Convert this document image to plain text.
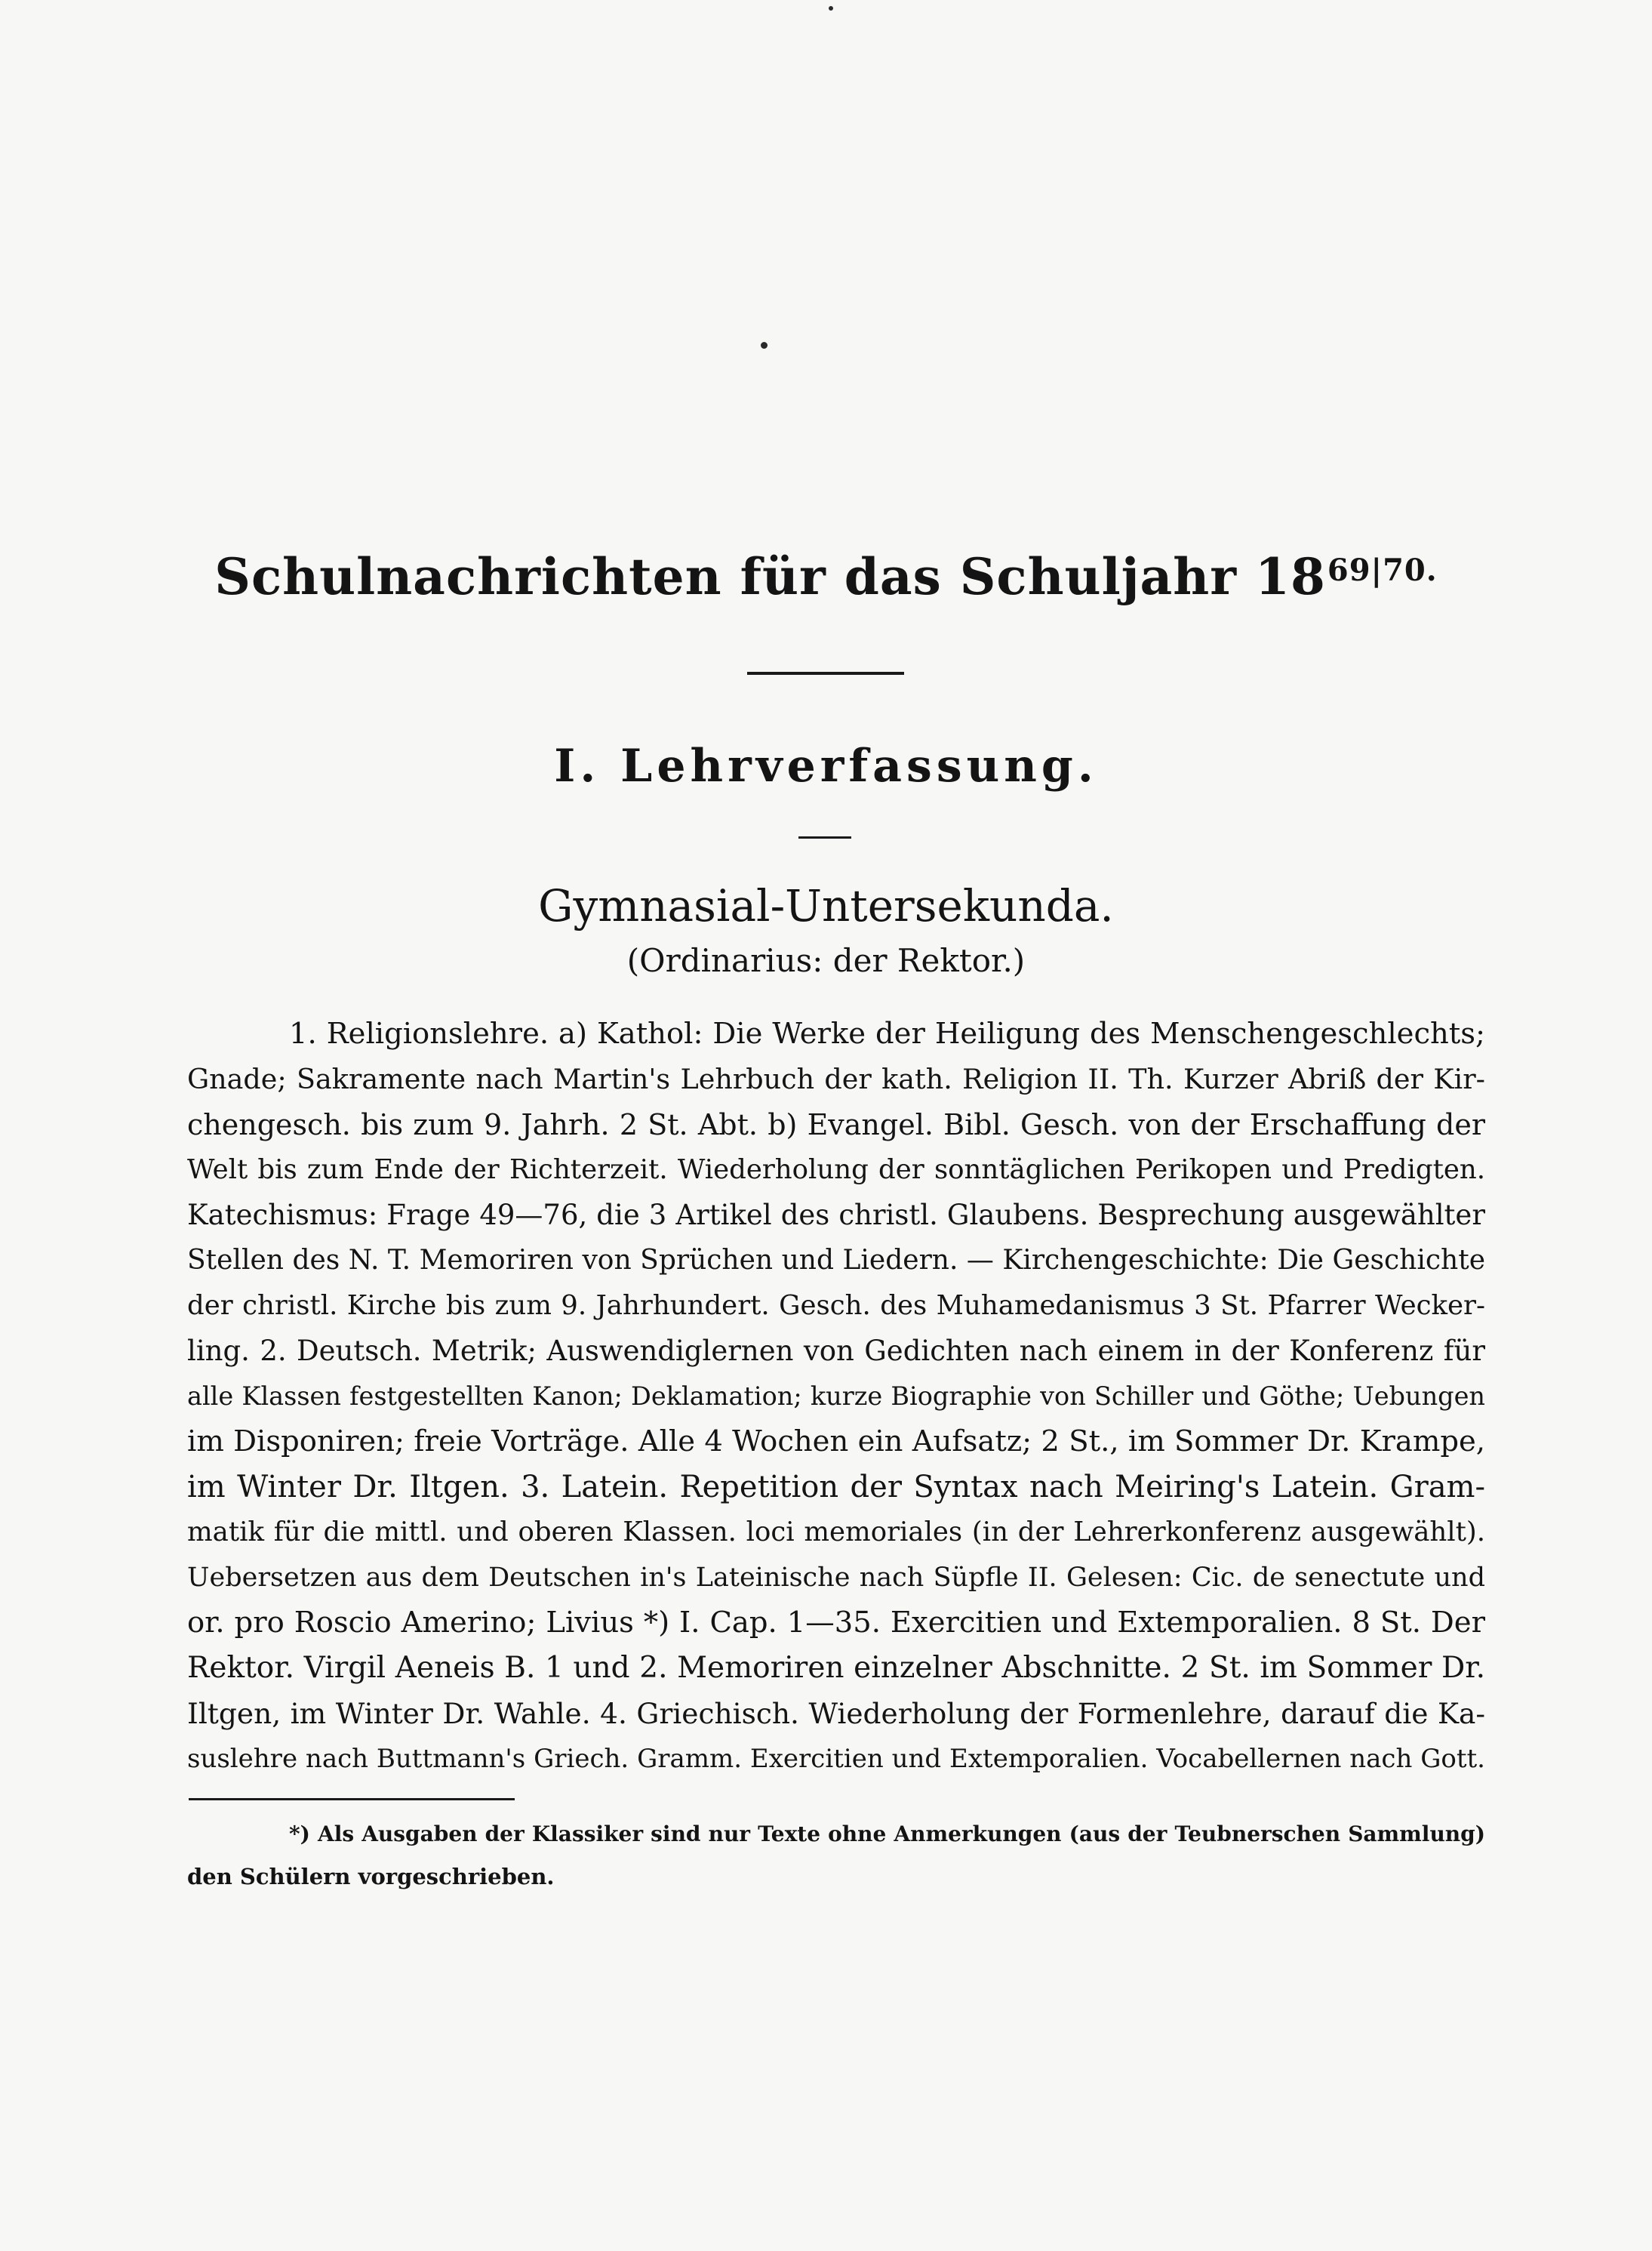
Schulnachrichten für das Schuljahr 1869|70.
I. Lehrverfassung.
Gymnasial-Untersekunda.
(Ordinarius: der Rektor.)
1. Religionslehre. a) Kathol: Die Werke der Heiligung des Menschengeschlechts;
Gnade; Sakramente nach Martin's Lehrbuch der kath. Religion II. Th. Kurzer Abriß der Kir-
chengesch. bis zum 9. Jahrh. 2 St. Abt. b) Evangel. Bibl. Gesch. von der Erschaffung der
Welt bis zum Ende der Richterzeit. Wiederholung der sonntäglichen Perikopen und Predigten.
Katechismus: Frage 49—76, die 3 Artikel des christl. Glaubens. Besprechung ausgewählter
Stellen des N. T. Memoriren von Sprüchen und Liedern. — Kirchengeschichte: Die Geschichte
der christl. Kirche bis zum 9. Jahrhundert. Gesch. des Muhamedanismus 3 St. Pfarrer Wecker-
ling. 2. Deutsch. Metrik; Auswendiglernen von Gedichten nach einem in der Konferenz für
alle Klassen festgestellten Kanon; Deklamation; kurze Biographie von Schiller und Göthe; Uebungen
im Disponiren; freie Vorträge. Alle 4 Wochen ein Aufsatz; 2 St., im Sommer Dr. Krampe,
im Winter Dr. Iltgen. 3. Latein. Repetition der Syntax nach Meiring's Latein. Gram-
matik für die mittl. und oberen Klassen. loci memoriales (in der Lehrerkonferenz ausgewählt).
Uebersetzen aus dem Deutschen in's Lateinische nach Süpfle II. Gelesen: Cic. de senectute und
or. pro Roscio Amerino; Livius *) I. Cap. 1—35. Exercitien und Extemporalien. 8 St. Der
Rektor. Virgil Aeneis B. 1 und 2. Memoriren einzelner Abschnitte. 2 St. im Sommer Dr.
Iltgen, im Winter Dr. Wahle. 4. Griechisch. Wiederholung der Formenlehre, darauf die Ka-
suslehre nach Buttmann's Griech. Gramm. Exercitien und Extemporalien. Vocabellernen nach Gott.
*) Als Ausgaben der Klassiker sind nur Texte ohne Anmerkungen (aus der Teubnerschen Sammlung)
den Schülern vorgeschrieben.
